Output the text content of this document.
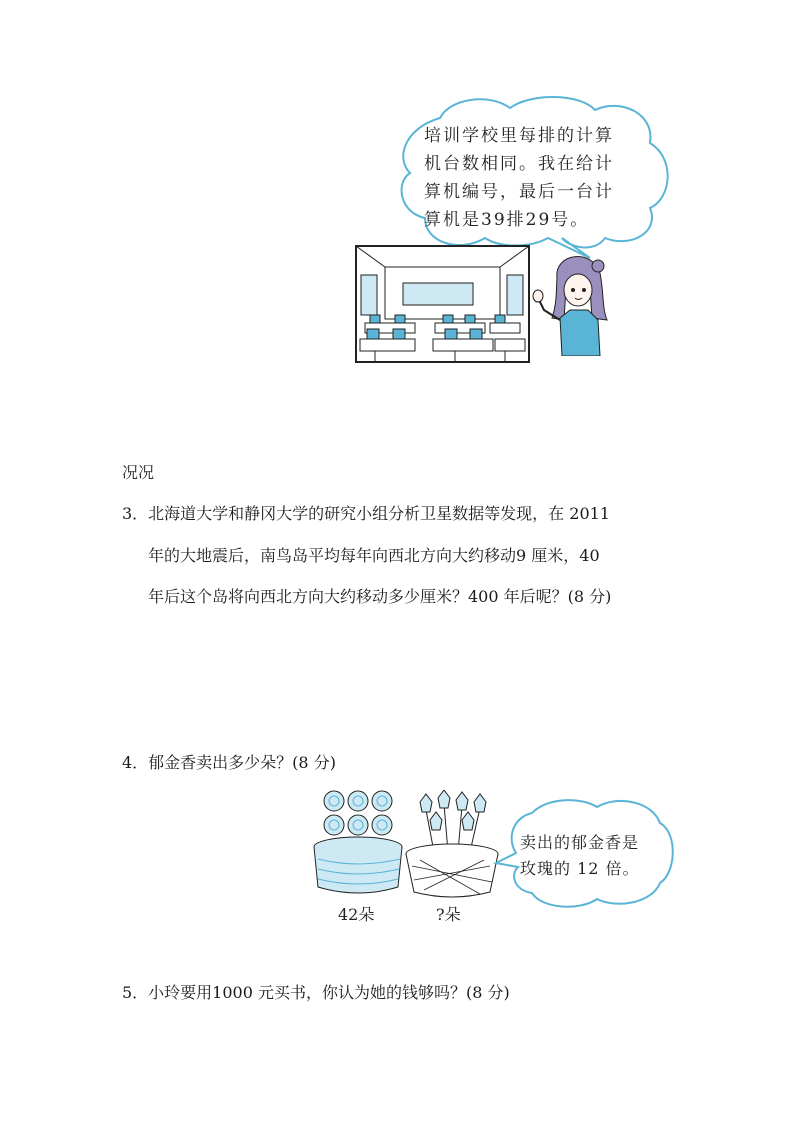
培训学校里每排的计算
机台数相同。我在给计
算机编号，最后一台计
算机是39排29号。
况况
3．北海道大学和静冈大学的研究小组分析卫星数据等发现，在 2011
年的大地震后，南鸟岛平均每年向西北方向大约移动9 厘米，40
年后这个岛将向西北方向大约移动多少厘米？400 年后呢？(8 分)
4．郁金香卖出多少朵？(8 分)
42朵	?朵
卖出的郁金香是
玫瑰的 12 倍。
5．小玲要用1000 元买书，你认为她的钱够吗？(8 分)
